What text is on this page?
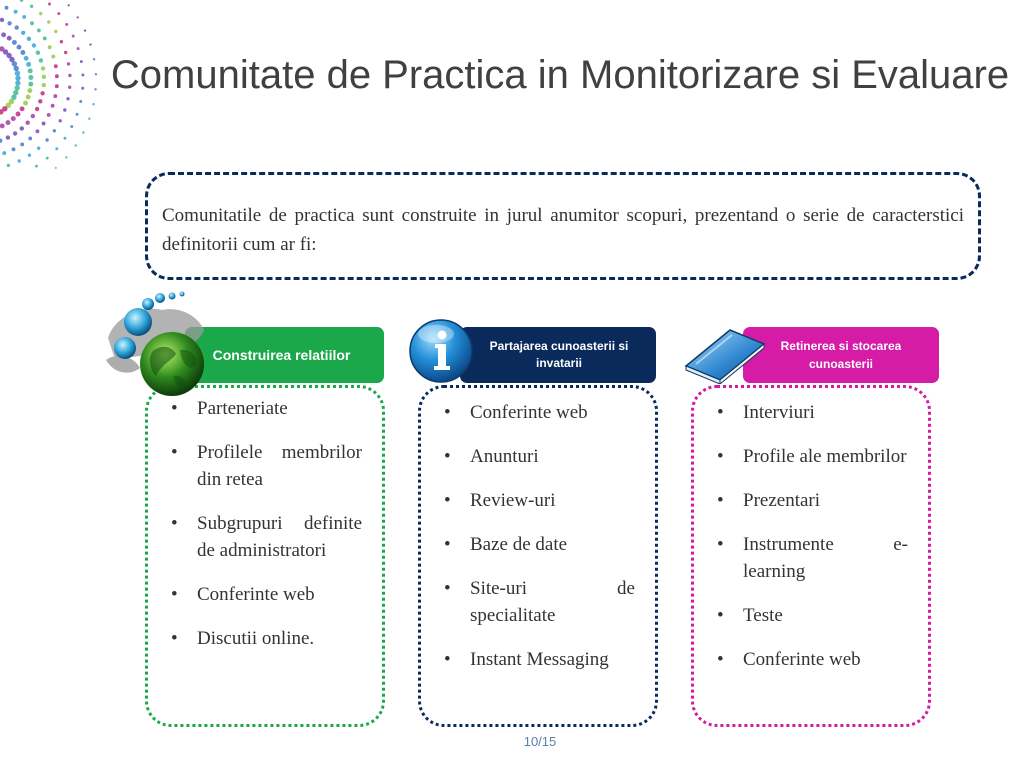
Comunitate de Practica in Monitorizare si Evaluare
Comunitatile de practica sunt construite in jurul anumitor scopuri, prezentand o serie de caracterstici definitorii cum ar fi:
Construirea relatiilor
Partajarea cunoasterii si invatarii
Retinerea si stocarea cunoasterii
• Parteneriate
• Profilele membrilor din retea
• Subgrupuri definite de administratori
• Conferinte web
• Discutii online.
• Conferinte web
• Anunturi
• Review-uri
• Baze de date
• Site-uri de specialitate
• Instant Messaging
• Interviuri
• Profile ale membrilor
• Prezentari
• Instrumente e-learning
• Teste
• Conferinte web
10/15
